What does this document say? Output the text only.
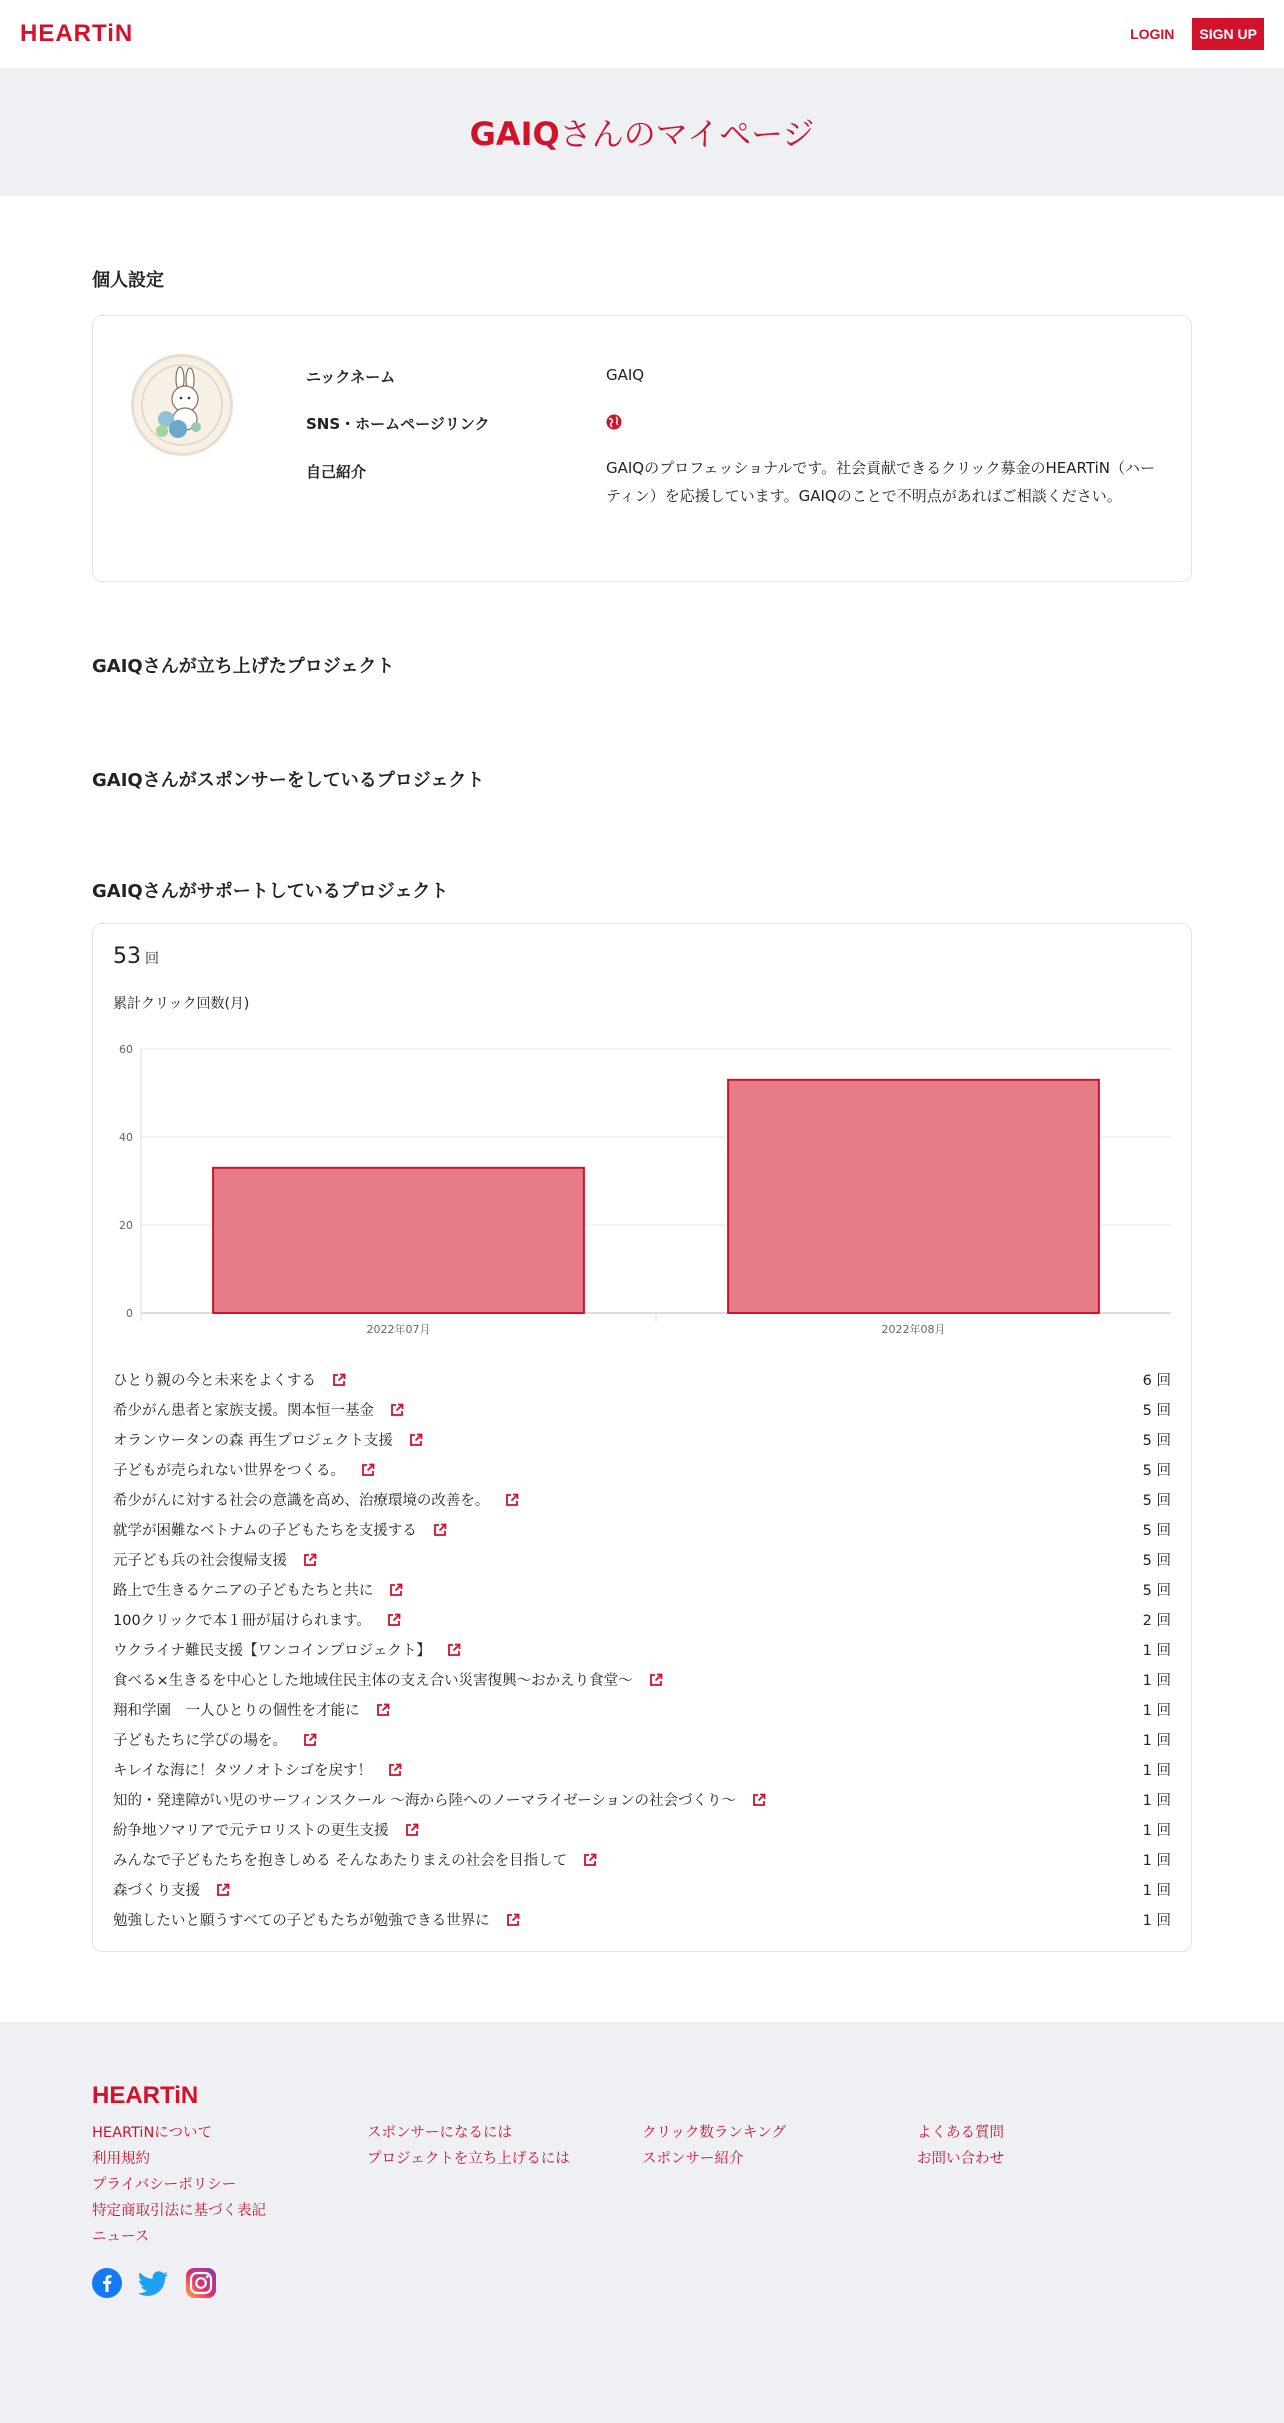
HEARTiN	LOGIN	SIGN UP
GAIQさんのマイページ
個人設定
ニックネーム	GAIQ
SNS・ホームページリンク
自己紹介	GAIQのプロフェッショナルです。社会貢献できるクリック募金のHEARTiN（ハーティン）を応援しています。GAIQのことで不明点があればご相談ください。
GAIQさんが立ち上げたプロジェクト
GAIQさんがスポンサーをしているプロジェクト
GAIQさんがサポートしているプロジェクト
53 回
累計クリック回数(月)
0
20
40
60
2022年07月	2022年08月
ひとり親の今と未来をよくする	6 回
希少がん患者と家族支援。関本恒一基金	5 回
オランウータンの森 再生プロジェクト支援	5 回
子どもが売られない世界をつくる。	5 回
希少がんに対する社会の意識を高め、治療環境の改善を。	5 回
就学が困難なベトナムの子どもたちを支援する	5 回
元子ども兵の社会復帰支援	5 回
路上で生きるケニアの子どもたちと共に	5 回
100クリックで本１冊が届けられます。	2 回
ウクライナ難民支援【ワンコインプロジェクト】	1 回
食べる×生きるを中心とした地域住民主体の支え合い災害復興～おかえり食堂～	1 回
翔和学園　一人ひとりの個性を才能に	1 回
子どもたちに学びの場を。	1 回
キレイな海に！タツノオトシゴを戻す！	1 回
知的・発達障がい児のサーフィンスクール ～海から陸へのノーマライゼーションの社会づくり～	1 回
紛争地ソマリアで元テロリストの更生支援	1 回
みんなで子どもたちを抱きしめる そんなあたりまえの社会を目指して	1 回
森づくり支援	1 回
勉強したいと願うすべての子どもたちが勉強できる世界に	1 回
HEARTiN
HEARTiNについて
利用規約
プライバシーポリシー
特定商取引法に基づく表記
ニュース
スポンサーになるには
プロジェクトを立ち上げるには
クリック数ランキング
スポンサー紹介
よくある質問
お問い合わせ
